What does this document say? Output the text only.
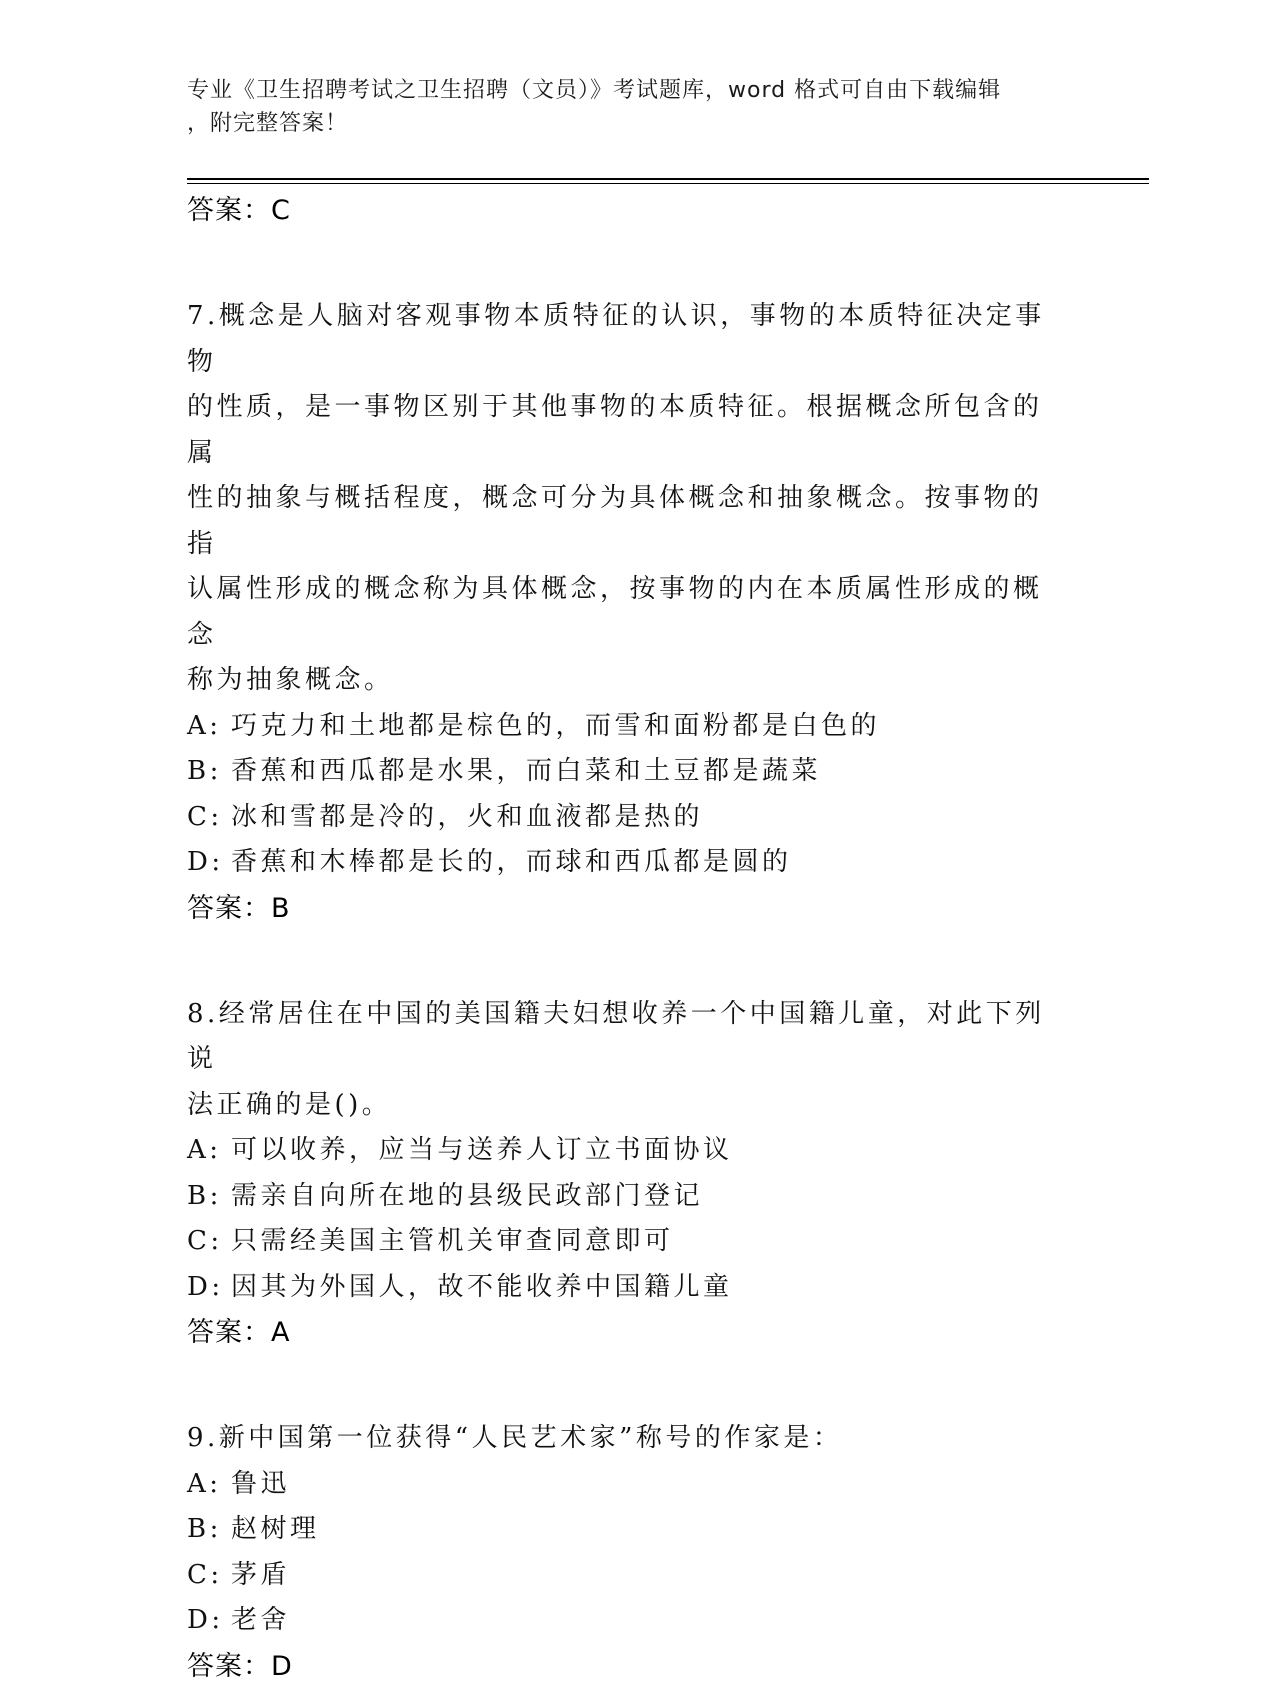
专业《卫生招聘考试之卫生招聘（文员）》考试题库，word 格式可自由下载编辑
，附完整答案！
答案：C
7.概念是人脑对客观事物本质特征的认识，事物的本质特征决定事物
的性质，是一事物区别于其他事物的本质特征。根据概念所包含的属
性的抽象与概括程度，概念可分为具体概念和抽象概念。按事物的指
认属性形成的概念称为具体概念，按事物的内在本质属性形成的概念
称为抽象概念。
A: 巧克力和土地都是棕色的，而雪和面粉都是白色的
B: 香蕉和西瓜都是水果，而白菜和土豆都是蔬菜
C: 冰和雪都是冷的，火和血液都是热的
D: 香蕉和木棒都是长的，而球和西瓜都是圆的
答案：B
8.经常居住在中国的美国籍夫妇想收养一个中国籍儿童，对此下列说
法正确的是()。
A: 可以收养，应当与送养人订立书面协议
B: 需亲自向所在地的县级民政部门登记
C: 只需经美国主管机关审查同意即可
D: 因其为外国人，故不能收养中国籍儿童
答案：A
9.新中国第一位获得“人民艺术家”称号的作家是：
A: 鲁迅
B: 赵树理
C: 茅盾
D: 老舍
答案：D
